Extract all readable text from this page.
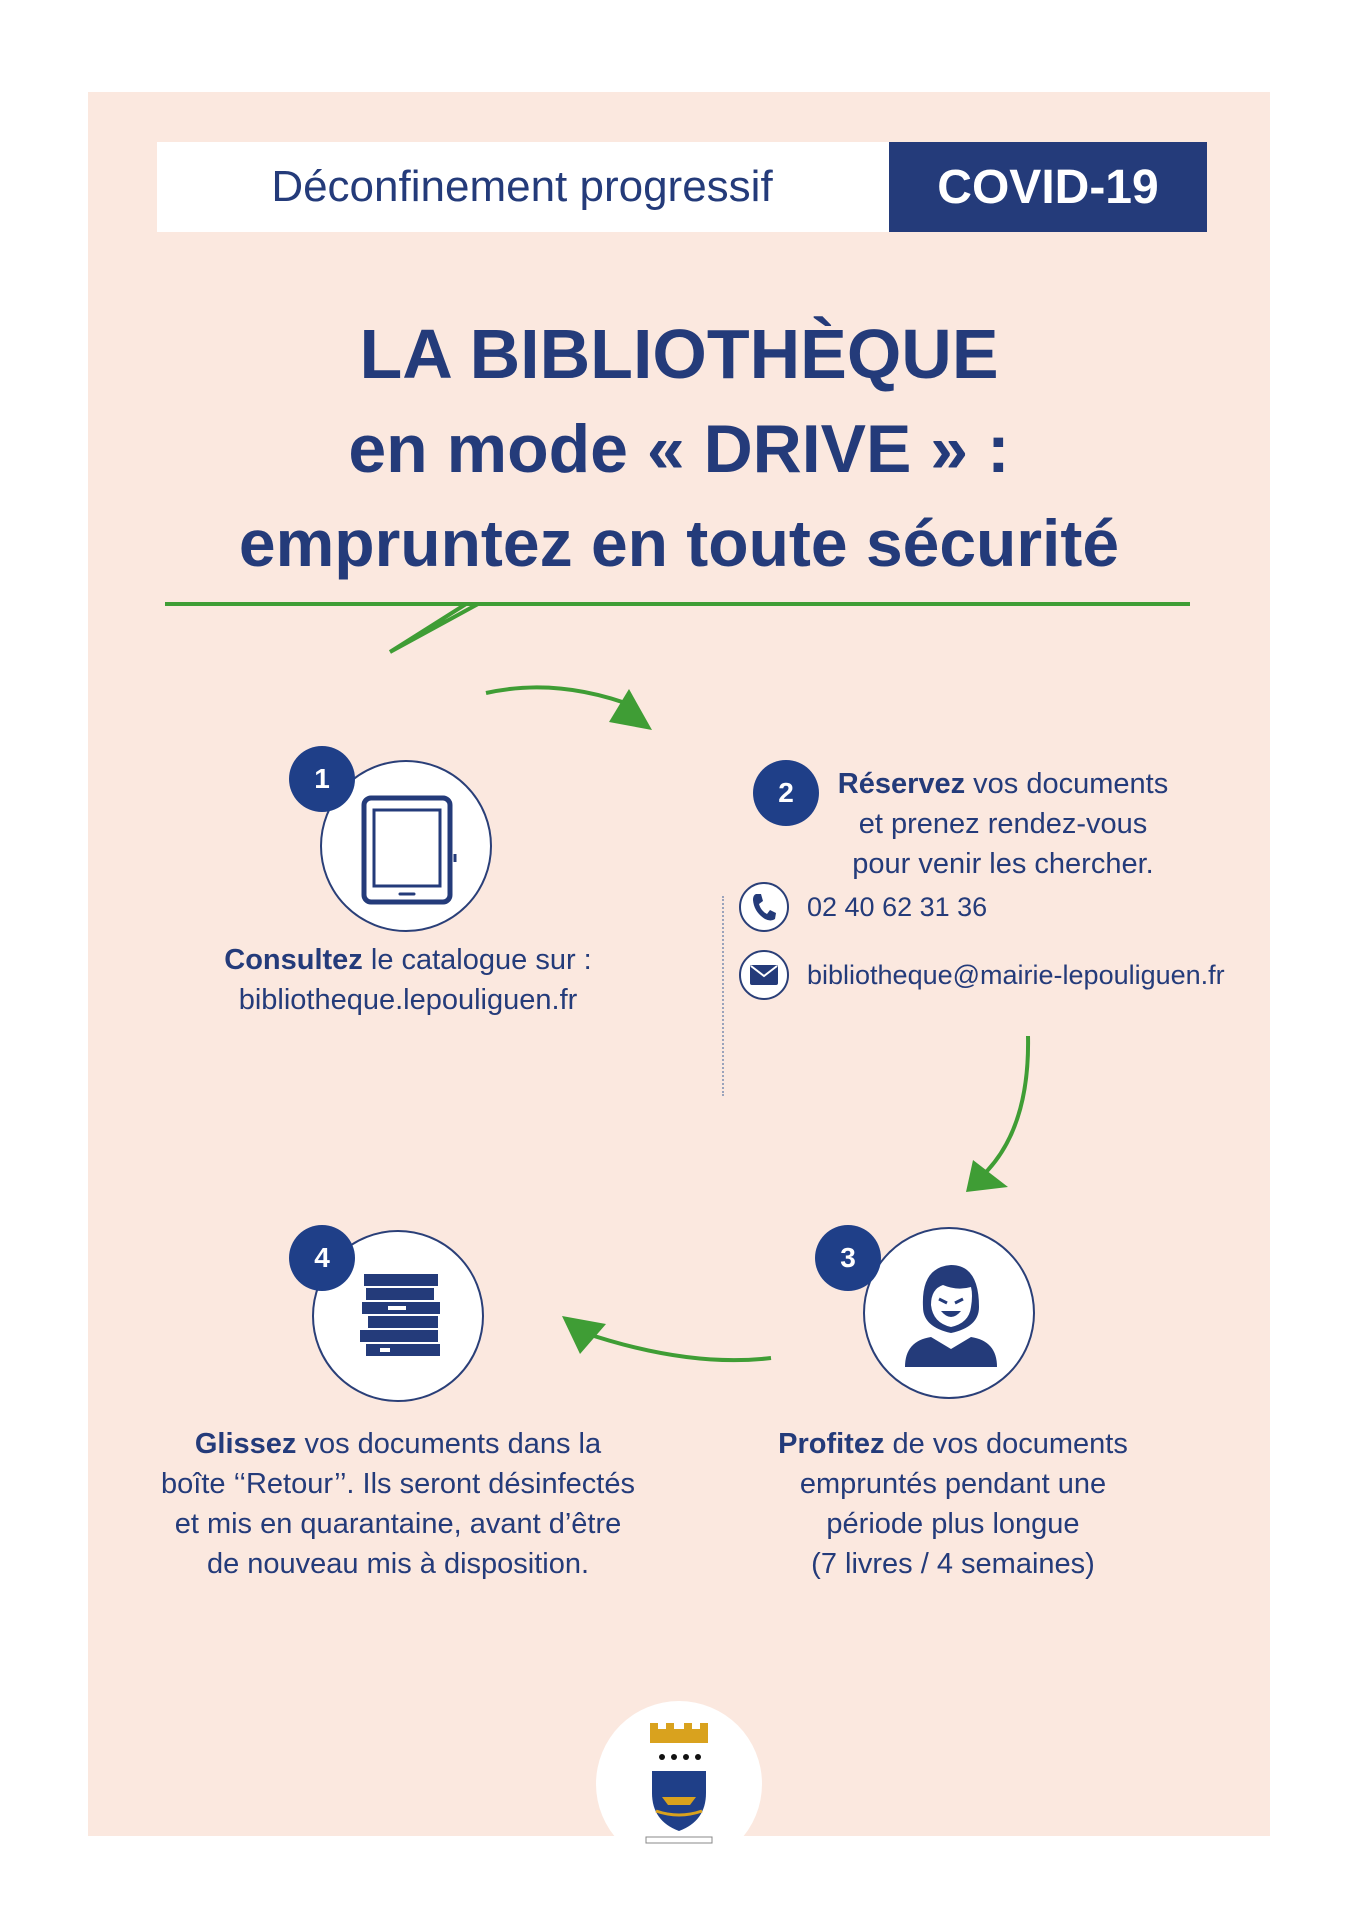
Déconfinement progressif	COVID-19
LA BIBLIOTHÈQUE
en mode « DRIVE » :
empruntez en toute sécurité
1
Consultez le catalogue sur :
bibliotheque.lepouliguen.fr
2	Réservez vos documents
et prenez rendez-vous
pour venir les chercher.
02 40 62 31 36
bibliotheque@mairie-lepouliguen.fr
3
Profitez de vos documents
empruntés pendant une
période plus longue
(7 livres / 4 semaines)
4
Glissez vos documents dans la
boîte ‘‘Retour’’. Ils seront désinfectés
et mis en quarantaine, avant d’être
de nouveau mis à disposition.
